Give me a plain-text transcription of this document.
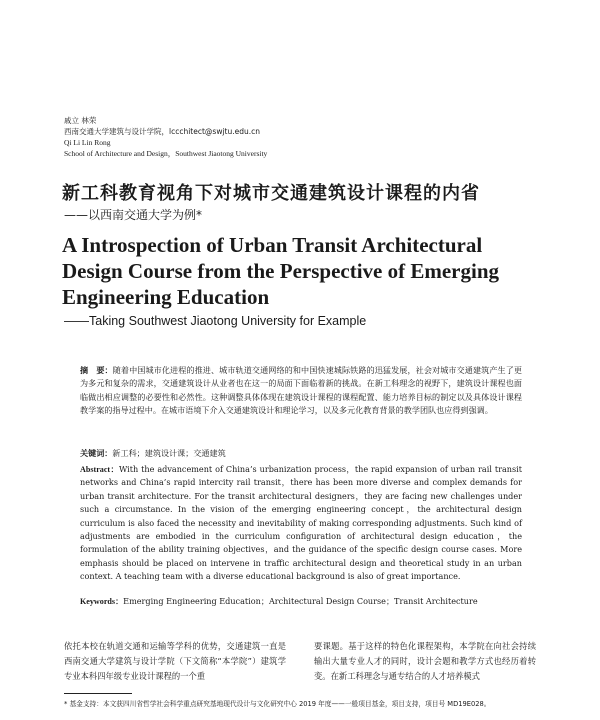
戚立 林荣
西南交通大学建筑与设计学院，lccchitect@swjtu.edu.cn
Qi Li Lin Rong
School of Architecture and Design，Southwest Jiaotong University
新工科教育视角下对城市交通建筑设计课程的内省
——以西南交通大学为例*
A Introspection of Urban Transit Architectural
Design Course from the Perspective of Emerging
Engineering Education
——Taking Southwest Jiaotong University for Example
摘　要：随着中国城市化进程的推进、城市轨道交通网络的和中国快速城际铁路的迅猛发展，社会对城市交通建筑产生了更为多元和复杂的需求，交通建筑设计从业者也在这一的局面下面临着新的挑战。在新工科理念的视野下，建筑设计课程也面临做出相应调整的必要性和必然性。这种调整具体体现在建筑设计课程的课程配置、能力培养目标的制定以及具体设计课程教学案的指导过程中。在城市语境下介入交通建筑设计和理论学习，以及多元化教育背景的教学团队也应得到强调。
关键词：新工科；建筑设计课；交通建筑
Abstract：With the advancement of China’s urbanization process，the rapid expansion of urban rail transit networks and China’s rapid intercity rail transit，there has been more diverse and complex demands for urban transit architecture. For the transit architectural designers，they are facing new challenges under such a circumstance. In the vision of the emerging engineering concept，the architectural design curriculum is also faced the necessity and inevitability of making corresponding adjustments. Such kind of adjustments are embodied in the curriculum configuration of architectural design education，the formulation of the ability training objectives，and the guidance of the specific design course cases. More emphasis should be placed on intervene in traffic architectural design and theoretical study in an urban context. A teaching team with a diverse educational background is also of great importance.
Keywords：Emerging Engineering Education；Architectural Design Course；Transit Architecture
依托本校在轨道交通和运输等学科的优势，交通建筑一直是西南交通大学建筑与设计学院（下文简称“本学院”）建筑学专业本科四年级专业设计课程的一个重
要课题。基于这样的特色化课程架构，本学院在向社会持续输出大量专业人才的同时，设计会题和教学方式也经历着转变。在新工科理念与通专结合的人才培养模式
* 基金支持：本文获四川省哲学社会科学重点研究基地现代设计与文化研究中心 2019 年度——一般项目基金，项目支持，项目号 MD19E028。
